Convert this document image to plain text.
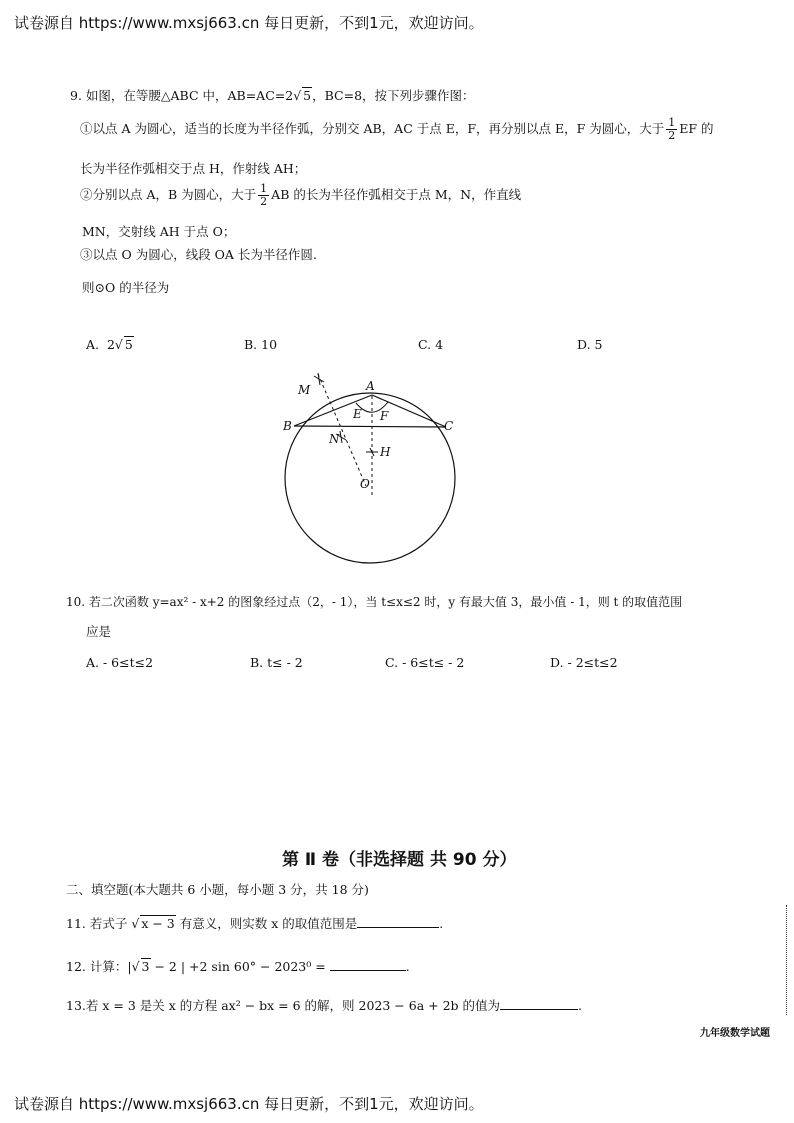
试卷源自 https://www.mxsj663.cn 每日更新，不到1元，欢迎访问。
9. 如图，在等腰△ABC 中，AB=AC=2√ 5，BC=8，按下列步骤作图：
①以点 A 为圆心，适当的长度为半径作弧，分别交 AB，AC 于点 E，F，再分别以点 E，F 为圆心，大于 $\frac{1}{2}$ EF 的
长为半径作弧相交于点 H，作射线 AH；
②分别以点 A，B 为圆心，大于 $\frac{1}{2}$ AB 的长为半径作弧相交于点 M，N，作直线
MN，交射线 AH 于点 O；
③以点 O 为圆心，线段 OA 长为半径作圆.
则⊙O 的半径为
A. 2√ 5	B. 10	C. 4	D. 5
M	A
E F
B	C
N
H
O
10. 若二次函数 y=ax² - x+2 的图象经过点（2，- 1），当 t≤x≤2 时，y 有最大值 3，最小值 - 1，则 t 的取值范围
应是
A. - 6≤t≤2	B. t≤ - 2	C. - 6≤t≤ - 2	D. - 2≤t≤2
第 Ⅱ 卷（非选择题 共 90 分）
二、填空题(本大题共 6 小题，每小题 3 分，共 18 分)
11. 若式子 √ x − 3 有意义，则实数 x 的取值范围是	.
12. 计算：|√ 3 − 2 | +2 sin 60° − 2023⁰ =	.
13.若 x = 3 是关 x 的方程 ax² − bx = 6 的解，则 2023 − 6a + 2b 的值为	.
九年级数学试题
试卷源自 https://www.mxsj663.cn 每日更新，不到1元，欢迎访问。
